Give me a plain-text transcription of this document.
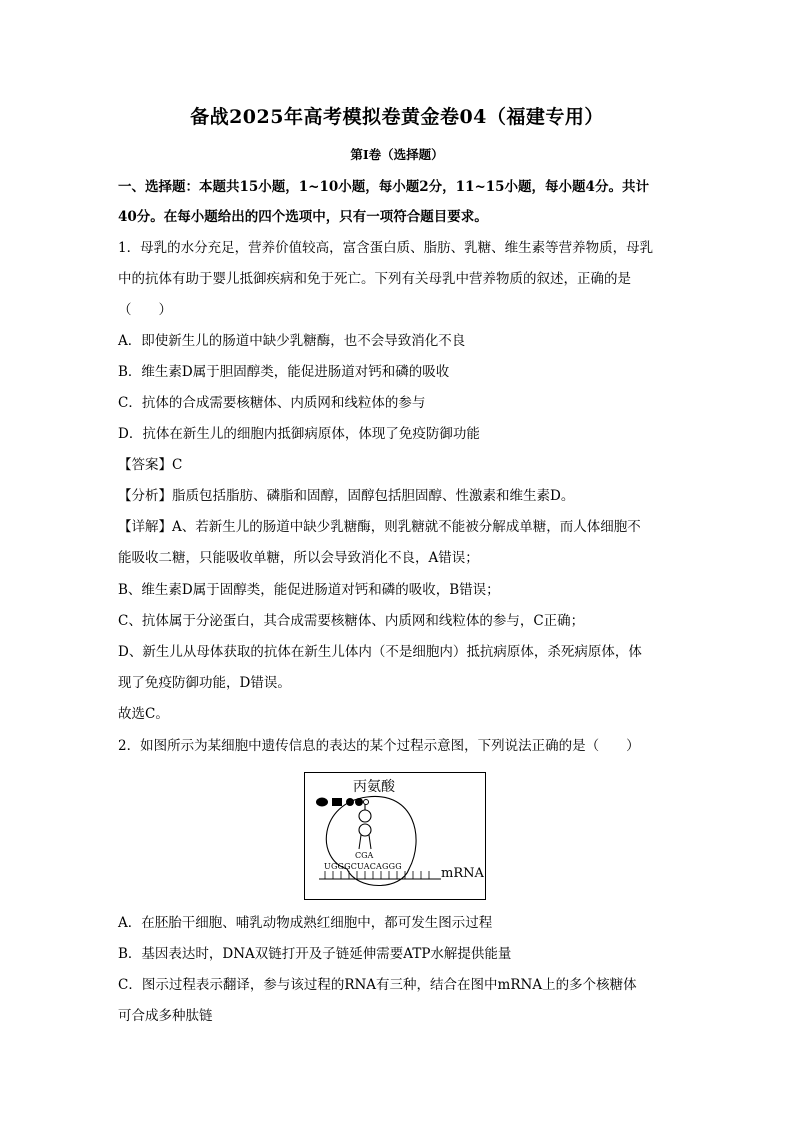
备战2025年高考模拟卷黄金卷04（福建专用）
第I卷（选择题）
一、选择题：本题共15小题，1~10小题，每小题2分，11~15小题，每小题4分。共计
40分。在每小题给出的四个选项中，只有一项符合题目要求。
1．母乳的水分充足，营养价值较高，富含蛋白质、脂肪、乳糖、维生素等营养物质，母乳
中的抗体有助于婴儿抵御疾病和免于死亡。下列有关母乳中营养物质的叙述，正确的是
（　　）
A．即使新生儿的肠道中缺少乳糖酶，也不会导致消化不良
B．维生素D属于胆固醇类，能促进肠道对钙和磷的吸收
C．抗体的合成需要核糖体、内质网和线粒体的参与
D．抗体在新生儿的细胞内抵御病原体，体现了免疫防御功能
【答案】C
【分析】脂质包括脂肪、磷脂和固醇，固醇包括胆固醇、性激素和维生素D。
【详解】A、若新生儿的肠道中缺少乳糖酶，则乳糖就不能被分解成单糖，而人体细胞不
能吸收二糖，只能吸收单糖，所以会导致消化不良，A错误；
B、维生素D属于固醇类，能促进肠道对钙和磷的吸收，B错误；
C、抗体属于分泌蛋白，其合成需要核糖体、内质网和线粒体的参与，C正确；
D、新生儿从母体获取的抗体在新生儿体内（不是细胞内）抵抗病原体，杀死病原体，体
现了免疫防御功能，D错误。
故选C。
2．如图所示为某细胞中遗传信息的表达的某个过程示意图，下列说法正确的是（　　）
丙氨酸
CGA
UGGGCUACAGGG	mRNA
A．在胚胎干细胞、哺乳动物成熟红细胞中，都可发生图示过程
B．基因表达时，DNA双链打开及子链延伸需要ATP水解提供能量
C．图示过程表示翻译，参与该过程的RNA有三种，结合在图中mRNA上的多个核糖体
可合成多种肽链
